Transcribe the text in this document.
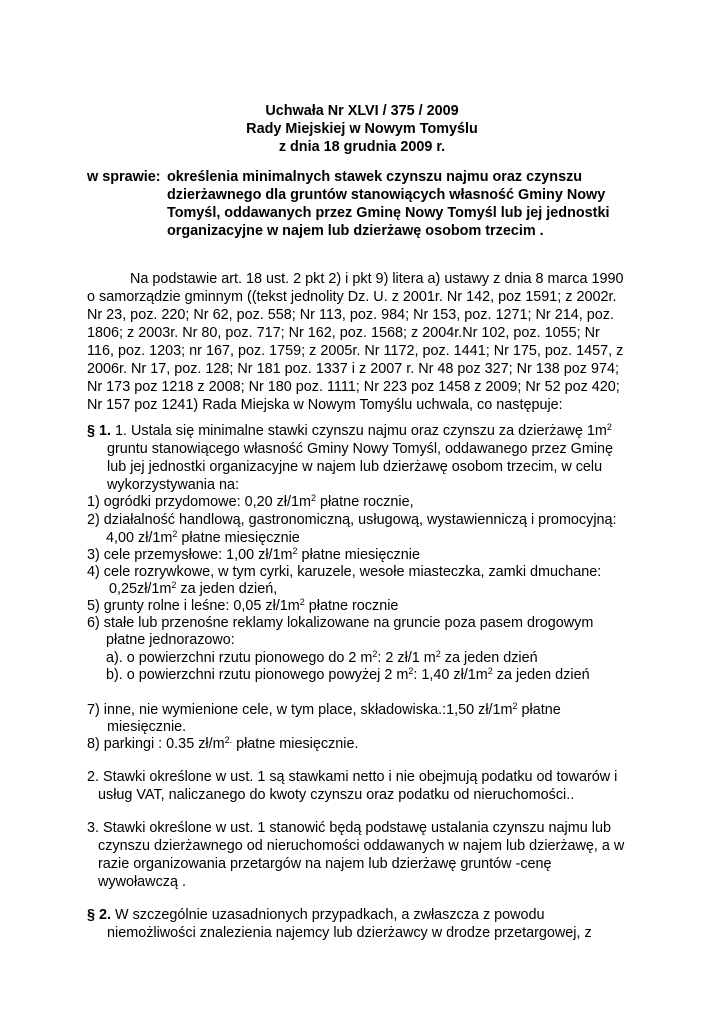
Uchwała Nr XLVI / 375 / 2009
Rady Miejskiej w Nowym Tomyślu
z dnia 18 grudnia 2009 r.
w sprawie: określenia minimalnych stawek czynszu najmu oraz czynszu
dzierżawnego dla gruntów stanowiących własność Gminy Nowy
Tomyśl, oddawanych przez Gminę Nowy Tomyśl lub jej jednostki
organizacyjne w najem lub dzierżawę osobom trzecim .
Na podstawie art. 18 ust. 2 pkt 2) i pkt 9) litera a) ustawy z dnia 8 marca 1990
o samorządzie gminnym ((tekst jednolity Dz. U. z 2001r. Nr 142, poz 1591; z 2002r.
Nr 23, poz. 220; Nr 62, poz. 558; Nr 113, poz. 984; Nr 153, poz. 1271; Nr 214, poz.
1806; z 2003r. Nr 80, poz. 717; Nr 162, poz. 1568; z 2004r.Nr 102, poz. 1055; Nr
116, poz. 1203; nr 167, poz. 1759; z 2005r. Nr 1172, poz. 1441; Nr 175, poz. 1457, z
2006r. Nr 17, poz. 128; Nr 181 poz. 1337 i z 2007 r. Nr 48 poz 327; Nr 138 poz 974;
Nr 173 poz 1218 z 2008; Nr 180 poz. 1111; Nr 223 poz 1458 z 2009; Nr 52 poz 420;
Nr 157 poz 1241) Rada Miejska w Nowym Tomyślu uchwala, co następuje:
§ 1. 1. Ustala się minimalne stawki czynszu najmu oraz czynszu za dzierżawę $1m^2$
gruntu stanowiącego własność Gminy Nowy Tomyśl, oddawanego przez Gminę
lub jej jednostki organizacyjne w najem lub dzierżawę osobom trzecim, w celu
wykorzystywania na:
1) ogródki przydomowe: 0,20 $zł/1m^2$ płatne rocznie,
2) działalność handlową, gastronomiczną, usługową, wystawienniczą i promocyjną:
4,00 $zł/1m^2$ płatne miesięcznie
3) cele przemysłowe: 1,00 $zł/1m^2$ płatne miesięcznie
4) cele rozrywkowe, w tym cyrki, karuzele, wesołe miasteczka, zamki dmuchane:
$0,25zł/1m^2$ za jeden dzień,
5) grunty rolne i leśne: 0,05 $zł/1m^2$ płatne rocznie
6) stałe lub przenośne reklamy lokalizowane na gruncie poza pasem drogowym
płatne jednorazowo:
a). o powierzchni rzutu pionowego do 2 $m^2$: 2 zł/1 $m^2$ za jeden dzień
b). o powierzchni rzutu pionowego powyżej 2 $m^2$: 1,40 $zł/1m^2$ za jeden dzień
7) inne, nie wymienione cele, w tym place, składowiska.:1,50 $zł/1m^2$ płatne
miesięcznie.
8) parkingi : 0.35 $zł/m^{2.}$ płatne miesięcznie.
2. Stawki określone w ust. 1 są stawkami netto i nie obejmują podatku od towarów i
usług VAT, naliczanego do kwoty czynszu oraz podatku od nieruchomości..
3. Stawki określone w ust. 1 stanowić będą podstawę ustalania czynszu najmu lub
czynszu dzierżawnego od nieruchomości oddawanych w najem lub dzierżawę, a w
razie organizowania przetargów na najem lub dzierżawę gruntów -cenę
wywoławczą .
§ 2. W szczególnie uzasadnionych przypadkach, a zwłaszcza z powodu
niemożliwości znalezienia najemcy lub dzierżawcy w drodze przetargowej, z
